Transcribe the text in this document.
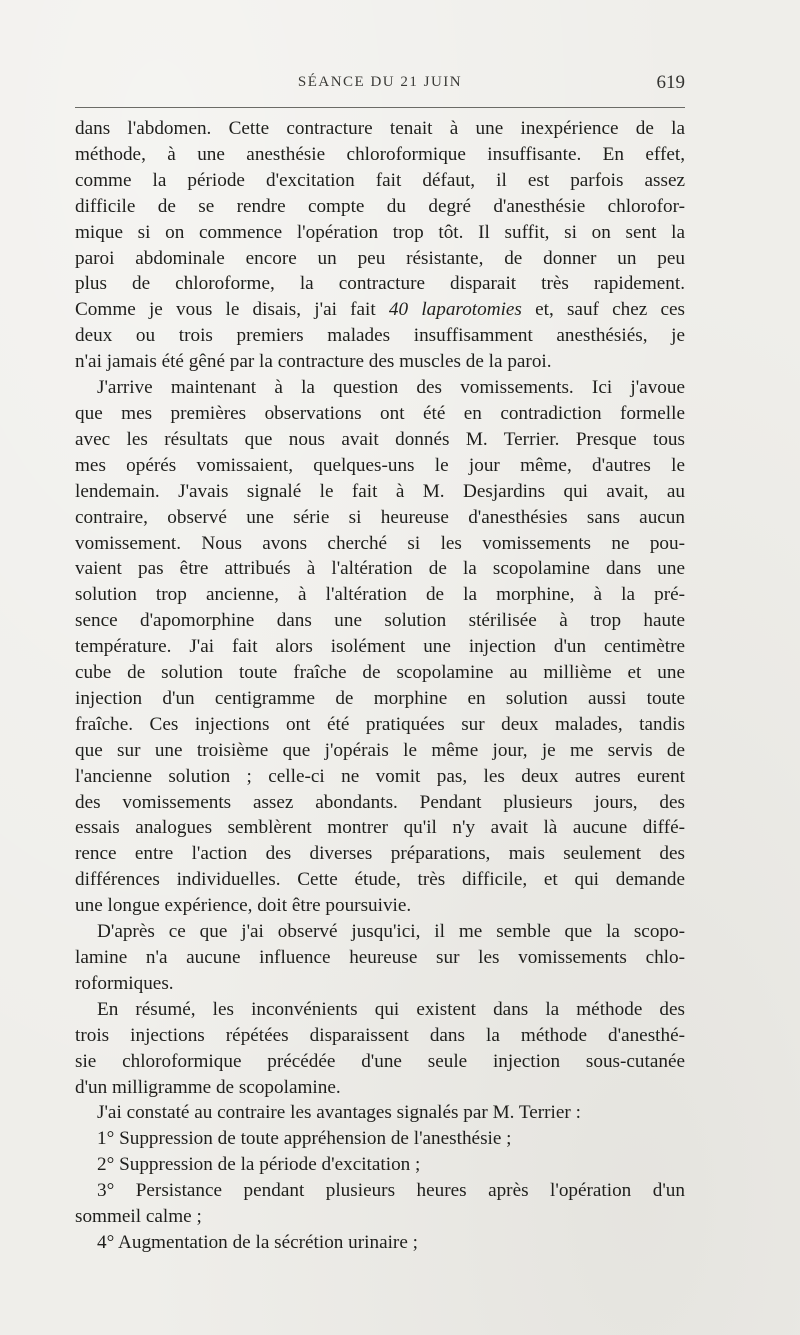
SÉANCE DU 21 JUIN	619

dans l'abdomen. Cette contracture tenait à une inexpérience de la
méthode, à une anesthésie chloroformique insuffisante. En effet,
comme la période d'excitation fait défaut, il est parfois assez
difficile de se rendre compte du degré d'anesthésie chlorofor-
mique si on commence l'opération trop tôt. Il suffit, si on sent la
paroi abdominale encore un peu résistante, de donner un peu
plus de chloroforme, la contracture disparait très rapidement.
Comme je vous le disais, j'ai fait 40 laparotomies et, sauf chez ces
deux ou trois premiers malades insuffisamment anesthésiés, je
n'ai jamais été gêné par la contracture des muscles de la paroi.

J'arrive maintenant à la question des vomissements. Ici j'avoue
que mes premières observations ont été en contradiction formelle
avec les résultats que nous avait donnés M. Terrier. Presque tous
mes opérés vomissaient, quelques-uns le jour même, d'autres le
lendemain. J'avais signalé le fait à M. Desjardins qui avait, au
contraire, observé une série si heureuse d'anesthésies sans aucun
vomissement. Nous avons cherché si les vomissements ne pou-
vaient pas être attribués à l'altération de la scopolamine dans une
solution trop ancienne, à l'altération de la morphine, à la pré-
sence d'apomorphine dans une solution stérilisée à trop haute
température. J'ai fait alors isolément une injection d'un centimètre
cube de solution toute fraîche de scopolamine au millième et une
injection d'un centigramme de morphine en solution aussi toute
fraîche. Ces injections ont été pratiquées sur deux malades, tandis
que sur une troisième que j'opérais le même jour, je me servis de
l'ancienne solution ; celle-ci ne vomit pas, les deux autres eurent
des vomissements assez abondants. Pendant plusieurs jours, des
essais analogues semblèrent montrer qu'il n'y avait là aucune diffé-
rence entre l'action des diverses préparations, mais seulement des
différences individuelles. Cette étude, très difficile, et qui demande
une longue expérience, doit être poursuivie.

D'après ce que j'ai observé jusqu'ici, il me semble que la scopo-
lamine n'a aucune influence heureuse sur les vomissements chlo-
roformiques.

En résumé, les inconvénients qui existent dans la méthode des
trois injections répétées disparaissent dans la méthode d'anesthé-
sie chloroformique précédée d'une seule injection sous-cutanée
d'un milligramme de scopolamine.

J'ai constaté au contraire les avantages signalés par M. Terrier :

1° Suppression de toute appréhension de l'anesthésie ;

2° Suppression de la période d'excitation ;

3° Persistance pendant plusieurs heures après l'opération d'un
sommeil calme ;

4° Augmentation de la sécrétion urinaire ;
